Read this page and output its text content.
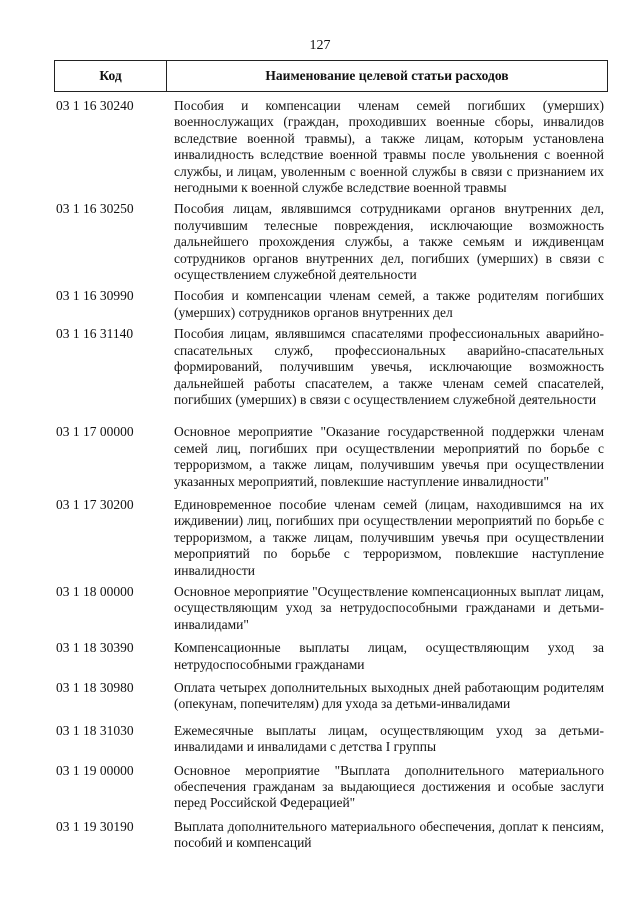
127
Код	Наименование целевой статьи расходов
03 1 16 30240	Пособия и компенсации членам семей погибших (умерших) военнослужащих (граждан, проходивших военные сборы, инвалидов вследствие военной травмы), а также лицам, которым установлена инвалидность вследствие военной травмы после увольнения с военной службы, и лицам, уволенным с военной службы в связи с признанием их негодными к военной службе вследствие военной травмы
03 1 16 30250	Пособия лицам, являвшимся сотрудниками органов внутренних дел, получившим телесные повреждения, исключающие возможность дальнейшего прохождения службы, а также семьям и иждивенцам сотрудников органов внутренних дел, погибших (умерших) в связи с осуществлением служебной деятельности
03 1 16 30990	Пособия и компенсации членам семей, а также родителям погибших (умерших) сотрудников органов внутренних дел
03 1 16 31140	Пособия лицам, являвшимся спасателями профессиональных аварийно-спасательных служб, профессиональных аварийно-спасательных формирований, получившим увечья, исключающие возможность дальнейшей работы спасателем, а также членам семей спасателей, погибших (умерших) в связи с осуществлением служебной деятельности
03 1 17 00000	Основное мероприятие "Оказание государственной поддержки членам семей лиц, погибших при осуществлении мероприятий по борьбе с терроризмом, а также лицам, получившим увечья при осуществлении указанных мероприятий, повлекшие наступление инвалидности"
03 1 17 30200	Единовременное пособие членам семей (лицам, находившимся на их иждивении) лиц, погибших при осуществлении мероприятий по борьбе с терроризмом, а также лицам, получившим увечья при осуществлении мероприятий по борьбе с терроризмом, повлекшие наступление инвалидности
03 1 18 00000	Основное мероприятие "Осуществление компенсационных выплат лицам, осуществляющим уход за нетрудоспособными гражданами и детьми-инвалидами"
03 1 18 30390	Компенсационные выплаты лицам, осуществляющим уход за нетрудоспособными гражданами
03 1 18 30980	Оплата четырех дополнительных выходных дней работающим родителям (опекунам, попечителям) для ухода за детьми-инвалидами
03 1 18 31030	Ежемесячные выплаты лицам, осуществляющим уход за детьми-инвалидами и инвалидами с детства I группы
03 1 19 00000	Основное мероприятие "Выплата дополнительного материального обеспечения гражданам за выдающиеся достижения и особые заслуги перед Российской Федерацией"
03 1 19 30190	Выплата дополнительного материального обеспечения, доплат к пенсиям, пособий и компенсаций
